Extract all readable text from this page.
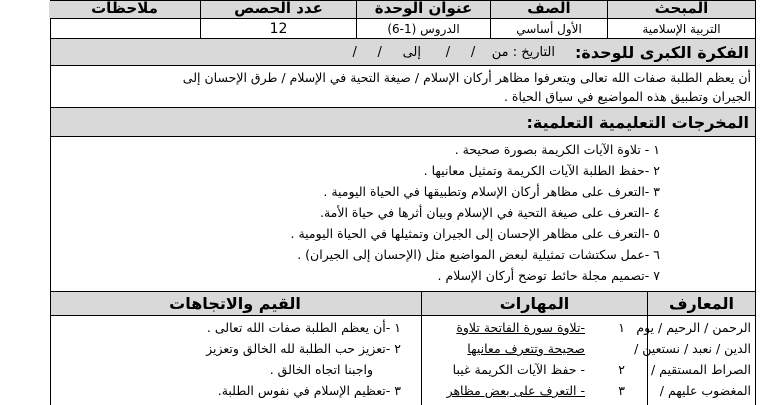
المبحث
الصف
عنوان الوحدة
عدد الحصص
ملاحظات
التربية الإسلامية
الأول أساسي
الدروس (1-6)
12
الفكرة الكبرى للوحدة:
التاريخ : من    /     /      إلى     /     /
أن يعظم الطلبة صفات الله تعالى ويتعرفوا مظاهر أركان الإسلام / صيغة التحية في الإسلام / طرق الإحسان إلى
الجيران وتطبيق هذه المواضيع في سياق الحياة .
المخرجات التعليمية التعلمية:
١ - تلاوة الآيات الكريمة بصورة صحيحة .
٢ -حفظ الطلبة الآيات الكريمة وتمثيل معانيها .
٣ -التعرف على مظاهر أركان الإسلام وتطبيقها في الحياة اليومية .
٤ -التعرف على صيغة التحية في الإسلام وبيان أثرها في حياة الأمة.
٥ -التعرف على مظاهر الإحسان إلى الجيران وتمثيلها في الحياة اليومية .
٦ -عمل سكتشات تمثيلية لبعض المواضيع مثل (الإحسان إلى الجيران) .
٧ -تصميم مجلة حائط توضح أركان الإسلام .
المعارف
المهارات
القيم والاتجاهات
الرحمن / الرحيم / يوم
الدين / نعبد / نستعين /
الصراط المستقيم /
المغضوب عليهم /
١
-تلاوة سورة الفاتحة تلاوة
صحيحة وتتعرف معانيها
٢
- حفظ الآيات الكريمة غيبا
٣
- التعرف على بعض مظاهر
١ -أن يعظم الطلبة صفات الله تعالى .
٢ -تعزيز حب الطلبة لله الخالق وتعزيز
واجبنا اتجاه الخالق .
٣ -تعظيم الإسلام في نفوس الطلبة.
